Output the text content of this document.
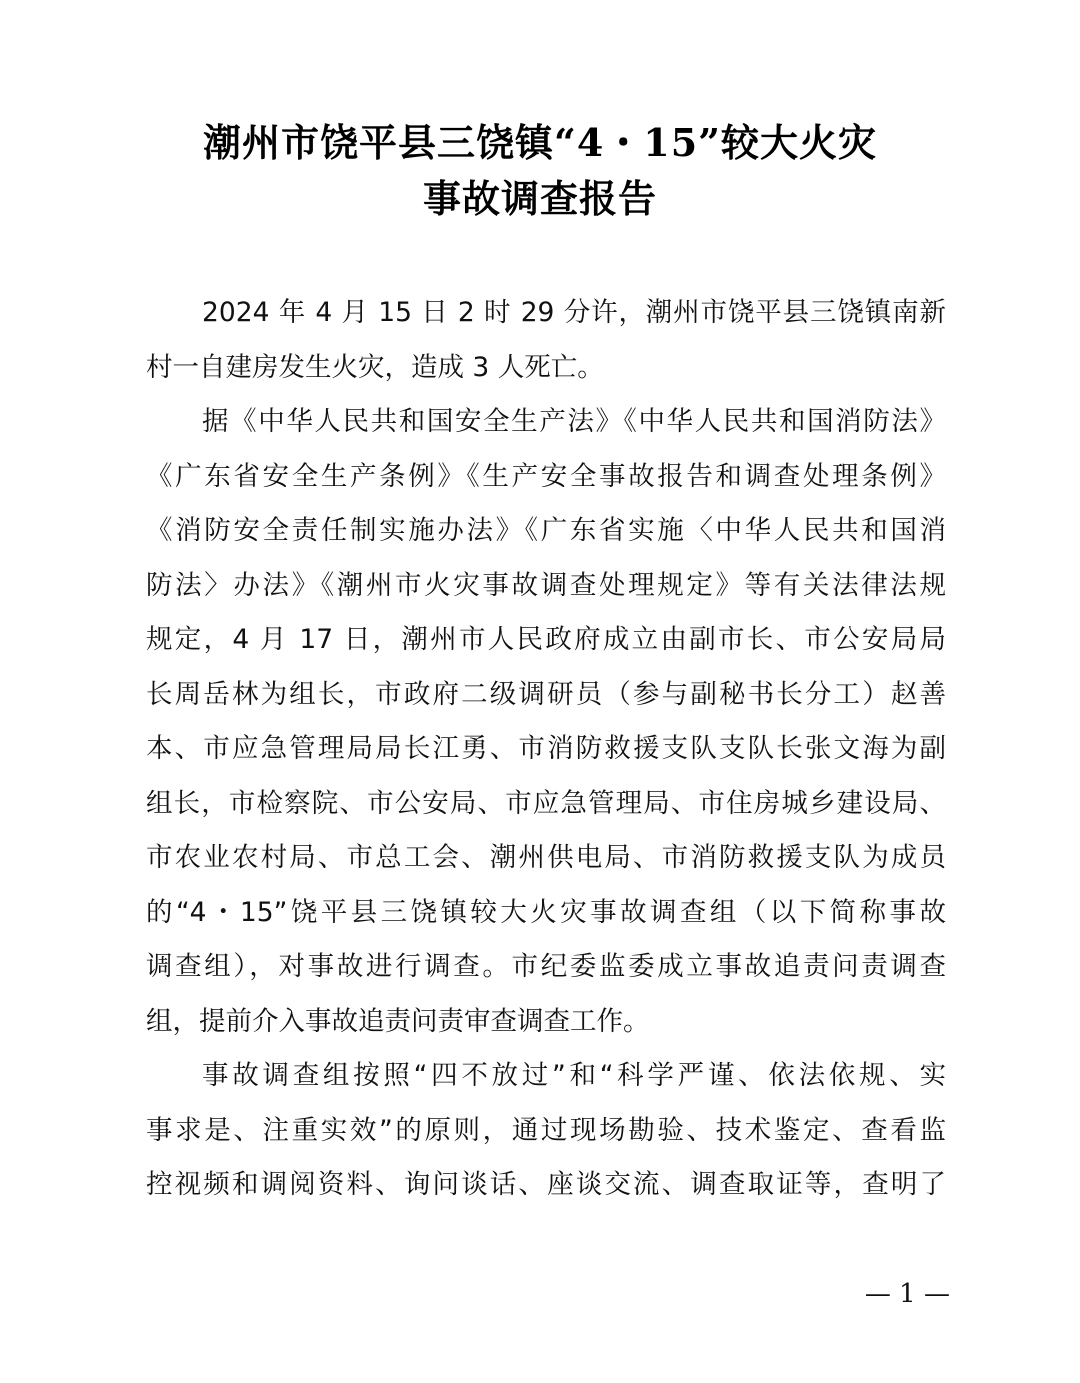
潮州市饶平县三饶镇“4・15”较大火灾
事故调查报告
2024 年 4 月 15 日 2 时 29 分许，潮州市饶平县三饶镇南新
村一自建房发生火灾，造成 3 人死亡。
据《中华人民共和国安全生产法》《中华人民共和国消防法》
《广东省安全生产条例》《生产安全事故报告和调查处理条例》
《消防安全责任制实施办法》《广东省实施〈中华人民共和国消
防法〉办法》《潮州市火灾事故调查处理规定》等有关法律法规
规定，4 月 17 日，潮州市人民政府成立由副市长、市公安局局
长周岳林为组长，市政府二级调研员（参与副秘书长分工）赵善
本、市应急管理局局长江勇、市消防救援支队支队长张文海为副
组长，市检察院、市公安局、市应急管理局、市住房城乡建设局、
市农业农村局、市总工会、潮州供电局、市消防救援支队为成员
的“4・15”饶平县三饶镇较大火灾事故调查组（以下简称事故
调查组），对事故进行调查。市纪委监委成立事故追责问责调查
组，提前介入事故追责问责审查调查工作。
事故调查组按照“四不放过”和“科学严谨、依法依规、实
事求是、注重实效”的原则，通过现场勘验、技术鉴定、查看监
控视频和调阅资料、询问谈话、座谈交流、调查取证等，查明了
— 1 —
